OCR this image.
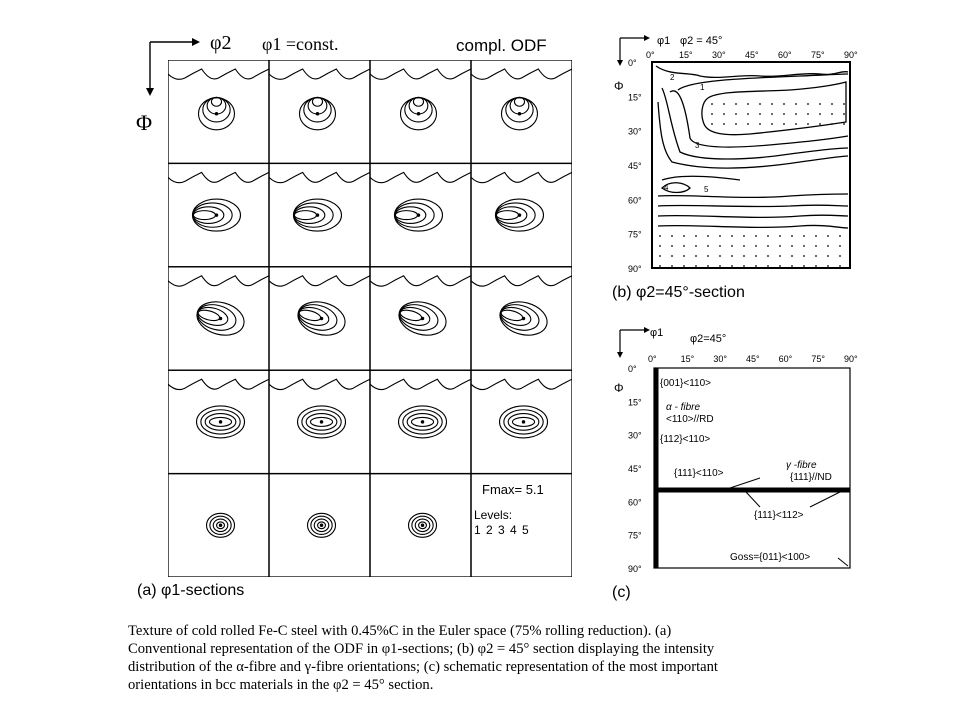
φ2 φ1 =const.	compl. ODF
Φ
Fmax= 5.1
Levels:
1 2 3 4 5
(a) φ1-sections
φ1 φ2 = 45°
Φ
0°	15° 30° 45° 60° 75° 90°
0°
15°
30°
45°
60°
75°
90°
1
2
3
4	5
(b) φ2=45°-section
φ1 φ2=45°
Φ
0°	15° 30° 45° 60° 75° 90°
0°
15°
30°
45°
60°
75°
90°
{001}<110>
α - fibre
<110>//RD
{112}<110>
{111}<110>
γ -fibre
{111}//ND
{111}<112>
Goss={011}<100>
(c)

Texture of cold rolled Fe-C steel with 0.45%C in the Euler space (75% rolling reduction). (a)

Conventional representation of the ODF in φ1-sections; (b) φ2 = 45° section displaying the intensity

distribution of the α-fibre and γ-fibre orientations; (c) schematic representation of the most important

orientations in bcc materials in the φ2 = 45° section.
